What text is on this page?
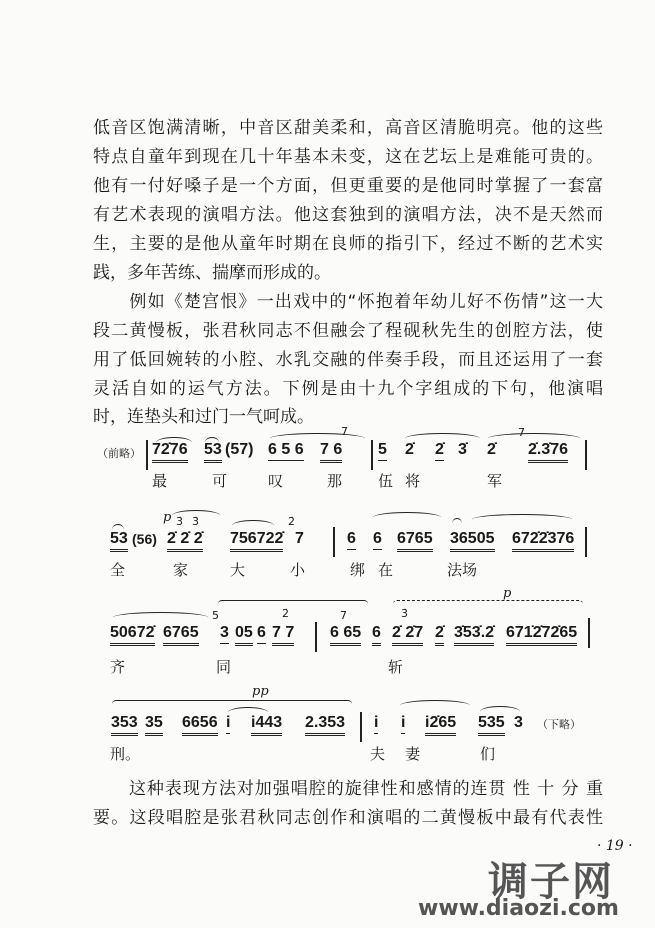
低音区饱满清晰，中音区甜美柔和，高音区清脆明亮。他的这些
特点自童年到现在几十年基本未变，这在艺坛上是难能可贵的。
他有一付好嗓子是一个方面，但更重要的是他同时掌握了一套富
有艺术表现的演唱方法。他这套独到的演唱方法，决不是天然而
生，主要的是他从童年时期在良师的指引下，经过不断的艺术实
践，多年苦练、揣摩而形成的。
　　例如《楚宫恨》一出戏中的“怀抱着年幼儿好不伤情”这一大
段二黄慢板，张君秋同志不但融会了程砚秋先生的创腔方法，使
用了低回婉转的小腔、水乳交融的伴奏手段，而且还运用了一套
灵活自如的运气方法。下例是由十九个字组成的下句，他演唱
时，连垫头和过门一气呵成。
（前略） 72̇76 53 (57) 6 5 6
7
7 6 5 2̇ 2̇ 3̇ 2̇
7
2̇.3̇76
最	可	叹	那 伍 将	军
53 (56)
p 3̇ 3̇
2̇ 2̇ 2̇ 756722̇
2̇
7	6 6 6765 36505 672̇2̇376
全	家	大	小	绑 在	法场
50672̇ 6765
5
3 05 6
2̇
7 7
7
6 65 6
p
3̇
2̇ 2̇7 2̇ 3̇53̇.2̇ 671̇2̇72̇65
齐	同	斩
pp
353 35 6656 i i443 2.353 i i i2̇65 535 3 （下略）
刑。	夫 妻	们
　　这种表现方法对加强唱腔的旋律性和感情的连贯 性 十 分 重
要。这段唱腔是张君秋同志创作和演唱的二黄慢板中最有代表性
· 19 ·
调子网
www.diaozi.com
